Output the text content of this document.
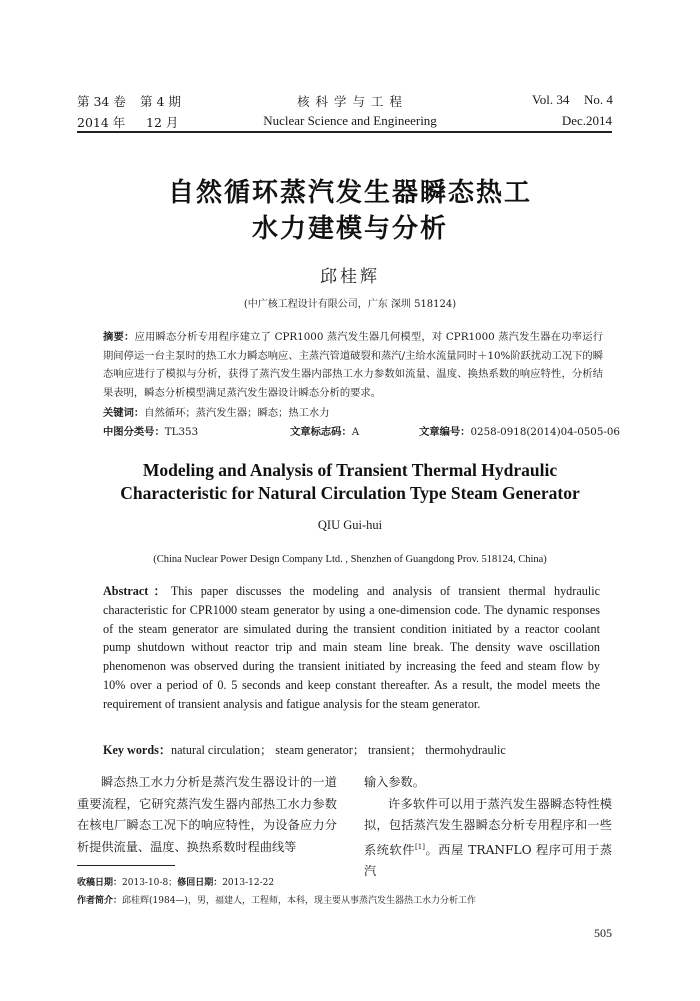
第 34 卷 第 4 期
2014 年 12 月
核 科 学 与 工 程
Nuclear Science and Engineering
Vol. 34 No. 4
Dec.2014
自然循环蒸汽发生器瞬态热工
水力建模与分析
邱桂辉
(中广核工程设计有限公司，广东 深圳 518124)
摘要：应用瞬态分析专用程序建立了 CPR1000 蒸汽发生器几何模型，对 CPR1000 蒸汽发生器在功率运行期间停运一台主泵时的热工水力瞬态响应、主蒸汽管道破裂和蒸汽/主给水流量同时＋10%阶跃扰动工况下的瞬态响应进行了模拟与分析，获得了蒸汽发生器内部热工水力参数如流量、温度、换热系数的响应特性，分析结果表明，瞬态分析模型满足蒸汽发生器设计瞬态分析的要求。
关键词：自然循环；蒸汽发生器；瞬态；热工水力
中图分类号：TL353	文章标志码：A	文章编号：0258-0918(2014)04-0505-06
Modeling and Analysis of Transient Thermal Hydraulic
Characteristic for Natural Circulation Type Steam Generator
QIU Gui-hui
(China Nuclear Power Design Company Ltd. , Shenzhen of Guangdong Prov. 518124, China)
Abstract：This paper discusses the modeling and analysis of transient thermal hydraulic characteristic for CPR1000 steam generator by using a one-dimension code. The dynamic responses of the steam generator are simulated during the transient condition initiated by a reactor coolant pump shutdown without reactor trip and main steam line break. The density wave oscillation phenomenon was observed during the transient initiated by increasing the feed and steam flow by 10% over a period of 0. 5 seconds and keep constant thereafter. As a result, the model meets the requirement of transient analysis and fatigue analysis for the steam generator.
Key words：natural circulation； steam generator； transient； thermohydraulic
瞬态热工水力分析是蒸汽发生器设计的一道重要流程，它研究蒸汽发生器内部热工水力参数在核电厂瞬态工况下的响应特性，为设备应力分析提供流量、温度、换热系数时程曲线等
输入参数。
许多软件可以用于蒸汽发生器瞬态特性模拟，包括蒸汽发生器瞬态分析专用程序和一些系统软件[1]。西屋 TRANFLO 程序可用于蒸汽
收稿日期：2013-10-8；修回日期：2013-12-22
作者简介：邱桂辉(1984—)，男，福建人，工程师，本科，现主要从事蒸汽发生器热工水力分析工作
505
